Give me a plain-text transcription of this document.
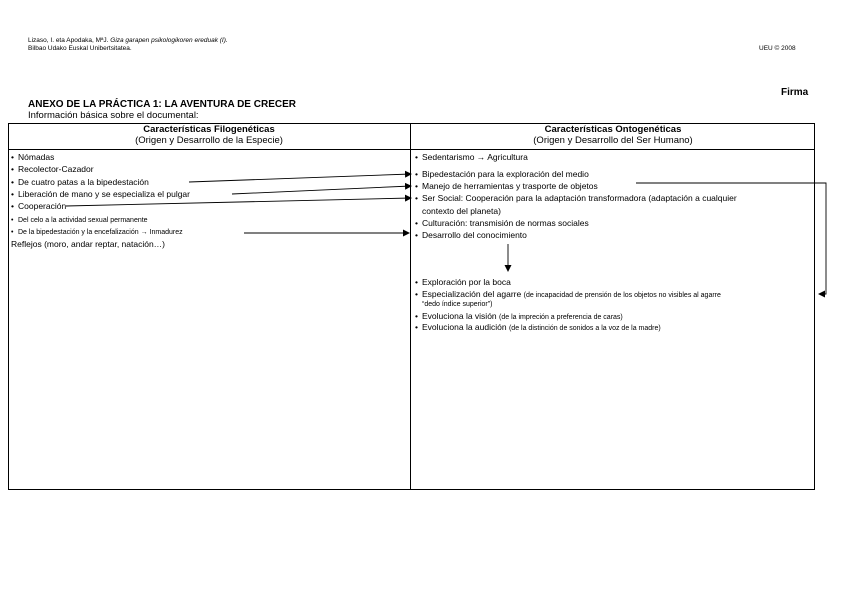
Lizaso, I. eta Apodaka, MªJ. Giza garapen psikologikoren ereduak (I).
Bilbao Udako Euskal Unibertsitatea.	UEU © 2008
Firma
ANEXO DE LA PRÁCTICA 1: LA AVENTURA DE CRECER
Información básica sobre el documental:
Características Filogenéticas
(Origen y Desarrollo de la Especie)
Características Ontogenéticas
(Origen y Desarrollo del Ser Humano)
• Nómadas
• Recolector-Cazador
• De cuatro patas a la bipedestación
• Liberación de mano y se especializa el pulgar
• Cooperación
• Del celo a la actividad sexual permanente
• De la bipedestación y la encefalización → Inmadurez
Reflejos (moro, andar reptar, natación…)
• Sedentarismo → Agricultura
• Bipedestación para la exploración del medio
• Manejo de herramientas y trasporte de objetos
• Ser Social: Cooperación para la adaptación transformadora (adaptación a cualquier
contexto del planeta)
• Culturación: transmisión de normas sociales
• Desarrollo del conocimiento
• Exploración por la boca
• Especialización del agarre (de incapacidad de prensión de los objetos no visibles al agarre
“dedo índice superior”)
• Evoluciona la visión (de la impreción a preferencia de caras)
• Evoluciona la audición (de la distinción de sonidos a la voz de la madre)
